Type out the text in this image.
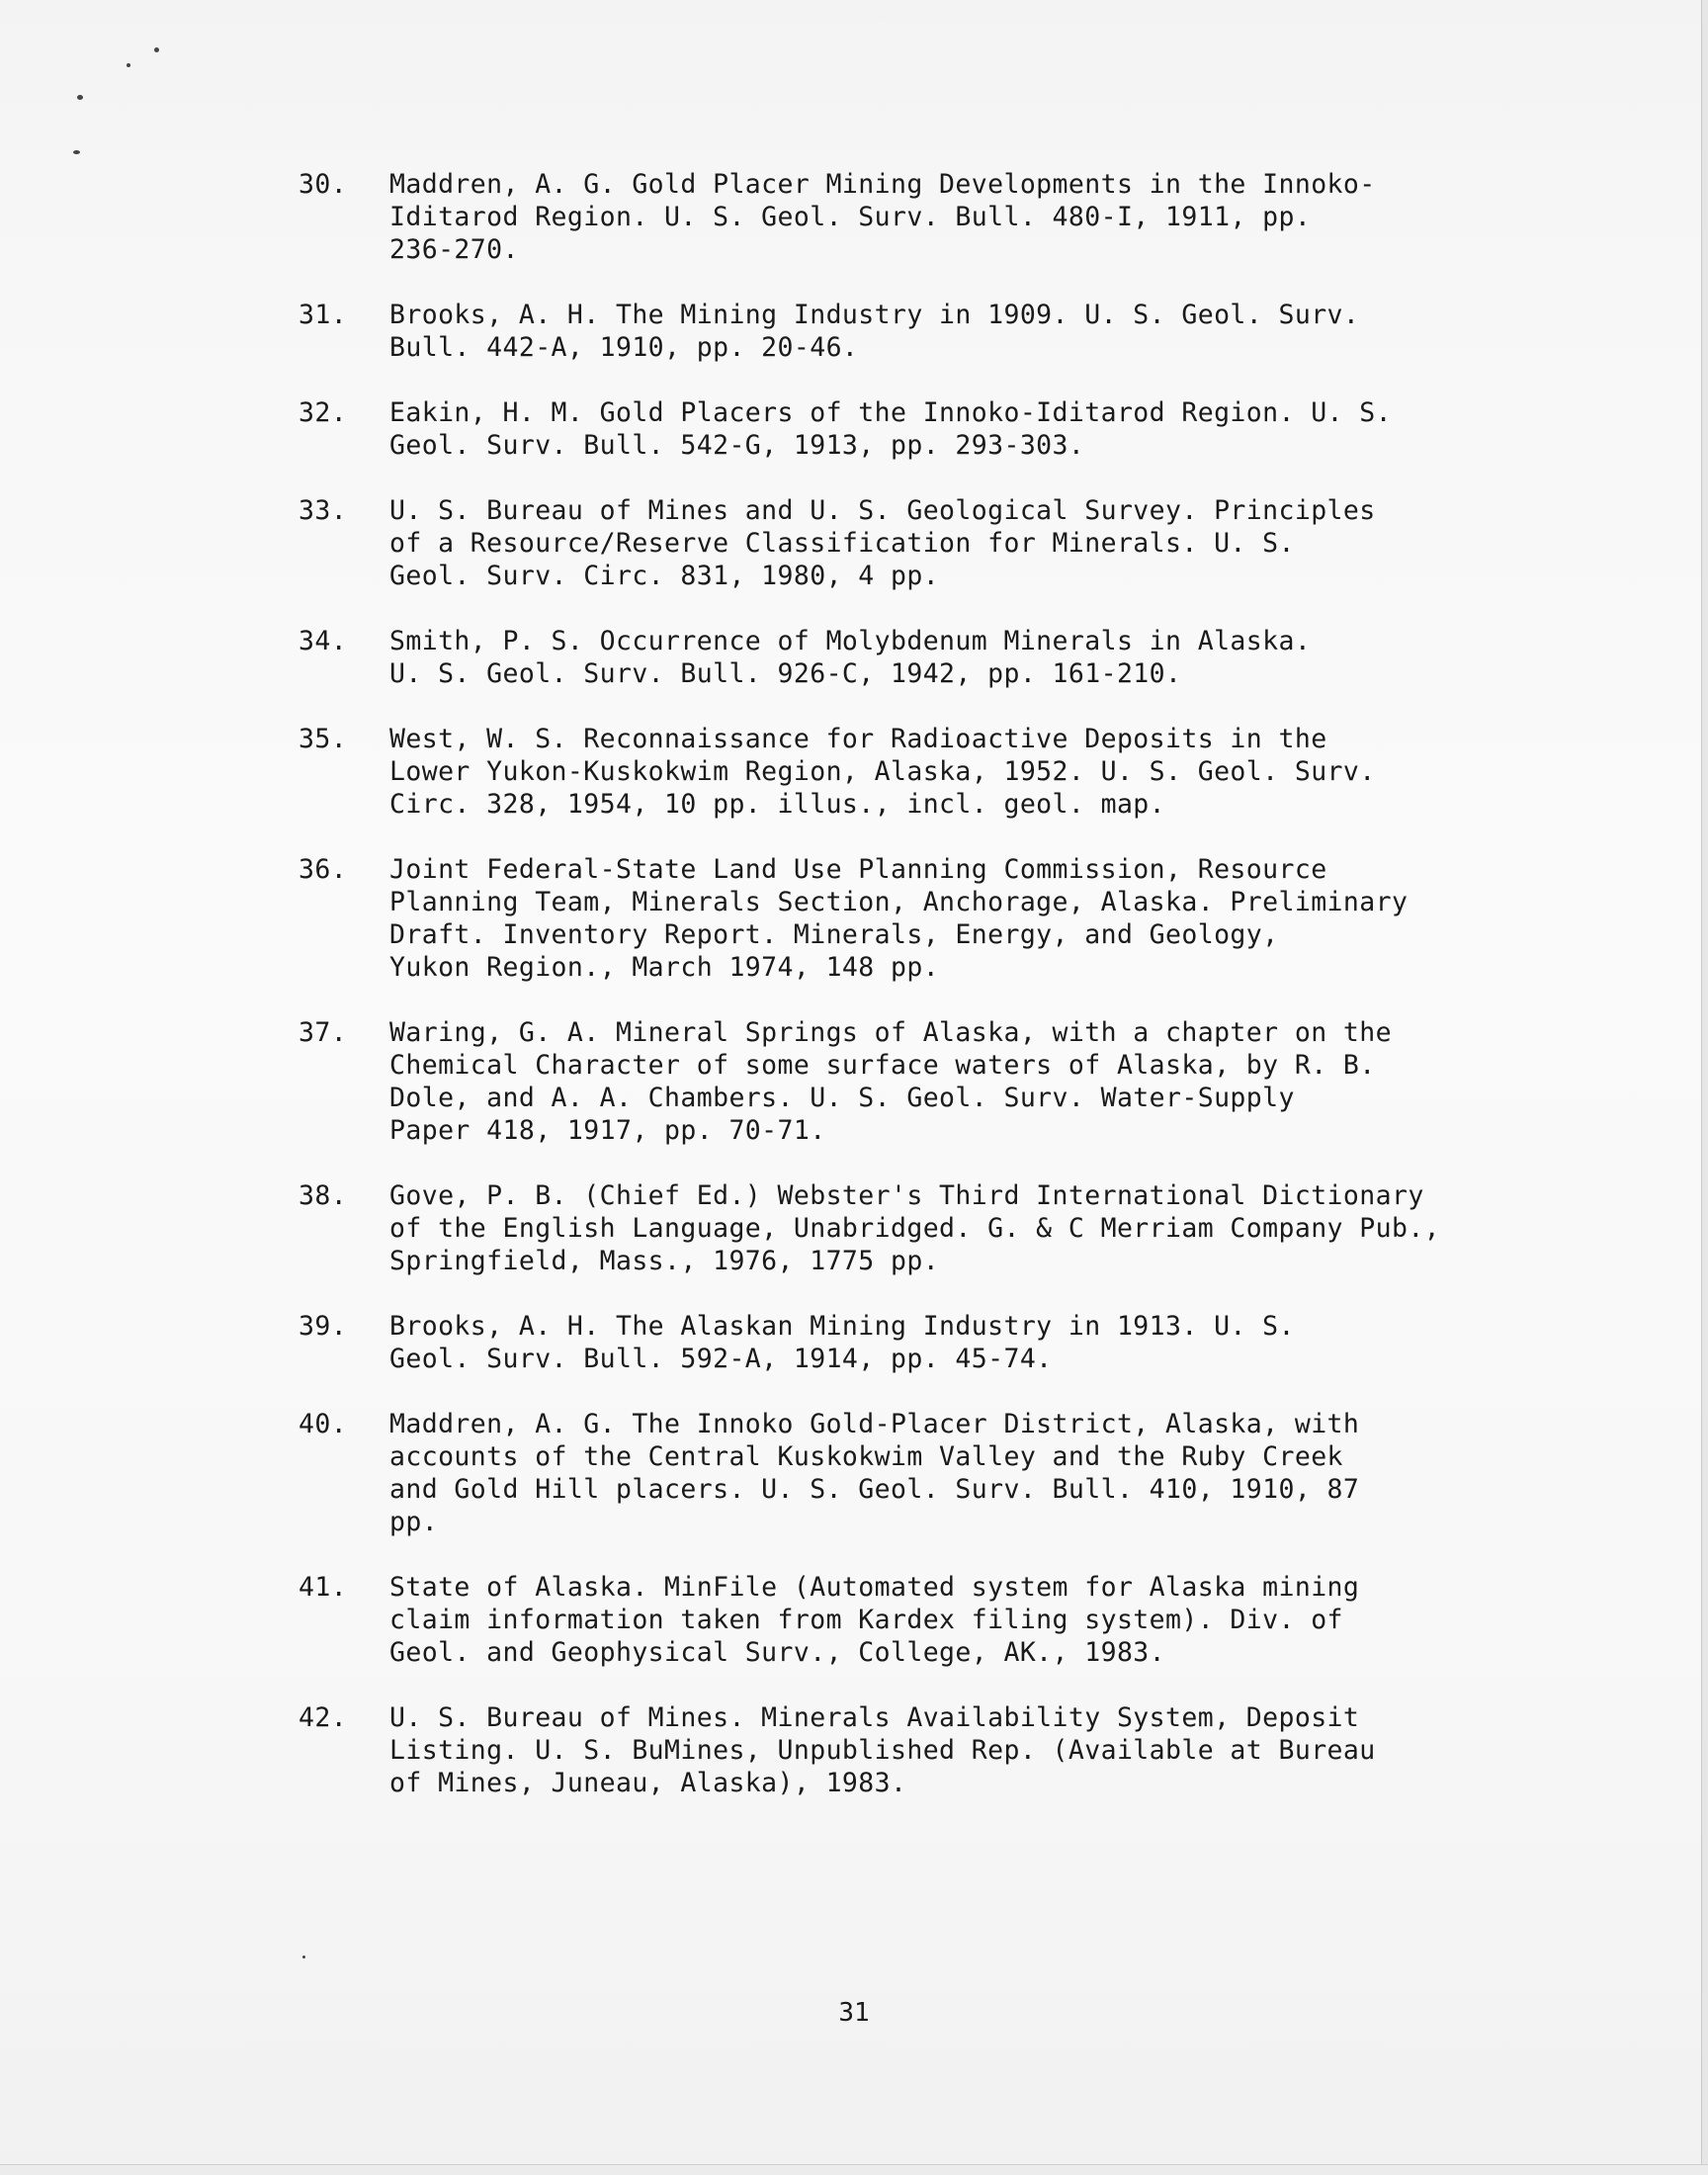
30.	Maddren, A. G. Gold Placer Mining Developments in the Innoko-
Iditarod Region. U. S. Geol. Surv. Bull. 480-I, 1911, pp.
236-270.
31.	Brooks, A. H. The Mining Industry in 1909. U. S. Geol. Surv.
Bull. 442-A, 1910, pp. 20-46.
32.	Eakin, H. M. Gold Placers of the Innoko-Iditarod Region. U. S.
Geol. Surv. Bull. 542-G, 1913, pp. 293-303.
33.	U. S. Bureau of Mines and U. S. Geological Survey. Principles
of a Resource/Reserve Classification for Minerals. U. S.
Geol. Surv. Circ. 831, 1980, 4 pp.
34.	Smith, P. S. Occurrence of Molybdenum Minerals in Alaska.
U. S. Geol. Surv. Bull. 926-C, 1942, pp. 161-210.
35.	West, W. S. Reconnaissance for Radioactive Deposits in the
Lower Yukon-Kuskokwim Region, Alaska, 1952. U. S. Geol. Surv.
Circ. 328, 1954, 10 pp. illus., incl. geol. map.
36.	Joint Federal-State Land Use Planning Commission, Resource
Planning Team, Minerals Section, Anchorage, Alaska. Preliminary
Draft. Inventory Report. Minerals, Energy, and Geology,
Yukon Region., March 1974, 148 pp.
37.	Waring, G. A. Mineral Springs of Alaska, with a chapter on the
Chemical Character of some surface waters of Alaska, by R. B.
Dole, and A. A. Chambers. U. S. Geol. Surv. Water-Supply
Paper 418, 1917, pp. 70-71.
38.	Gove, P. B. (Chief Ed.) Webster's Third International Dictionary
of the English Language, Unabridged. G. & C Merriam Company Pub.,
Springfield, Mass., 1976, 1775 pp.
39.	Brooks, A. H. The Alaskan Mining Industry in 1913. U. S.
Geol. Surv. Bull. 592-A, 1914, pp. 45-74.
40.	Maddren, A. G. The Innoko Gold-Placer District, Alaska, with
accounts of the Central Kuskokwim Valley and the Ruby Creek
and Gold Hill placers. U. S. Geol. Surv. Bull. 410, 1910, 87
pp.
41.	State of Alaska. MinFile (Automated system for Alaska mining
claim information taken from Kardex filing system). Div. of
Geol. and Geophysical Surv., College, AK., 1983.
42.	U. S. Bureau of Mines. Minerals Availability System, Deposit
Listing. U. S. BuMines, Unpublished Rep. (Available at Bureau
of Mines, Juneau, Alaska), 1983.
31
